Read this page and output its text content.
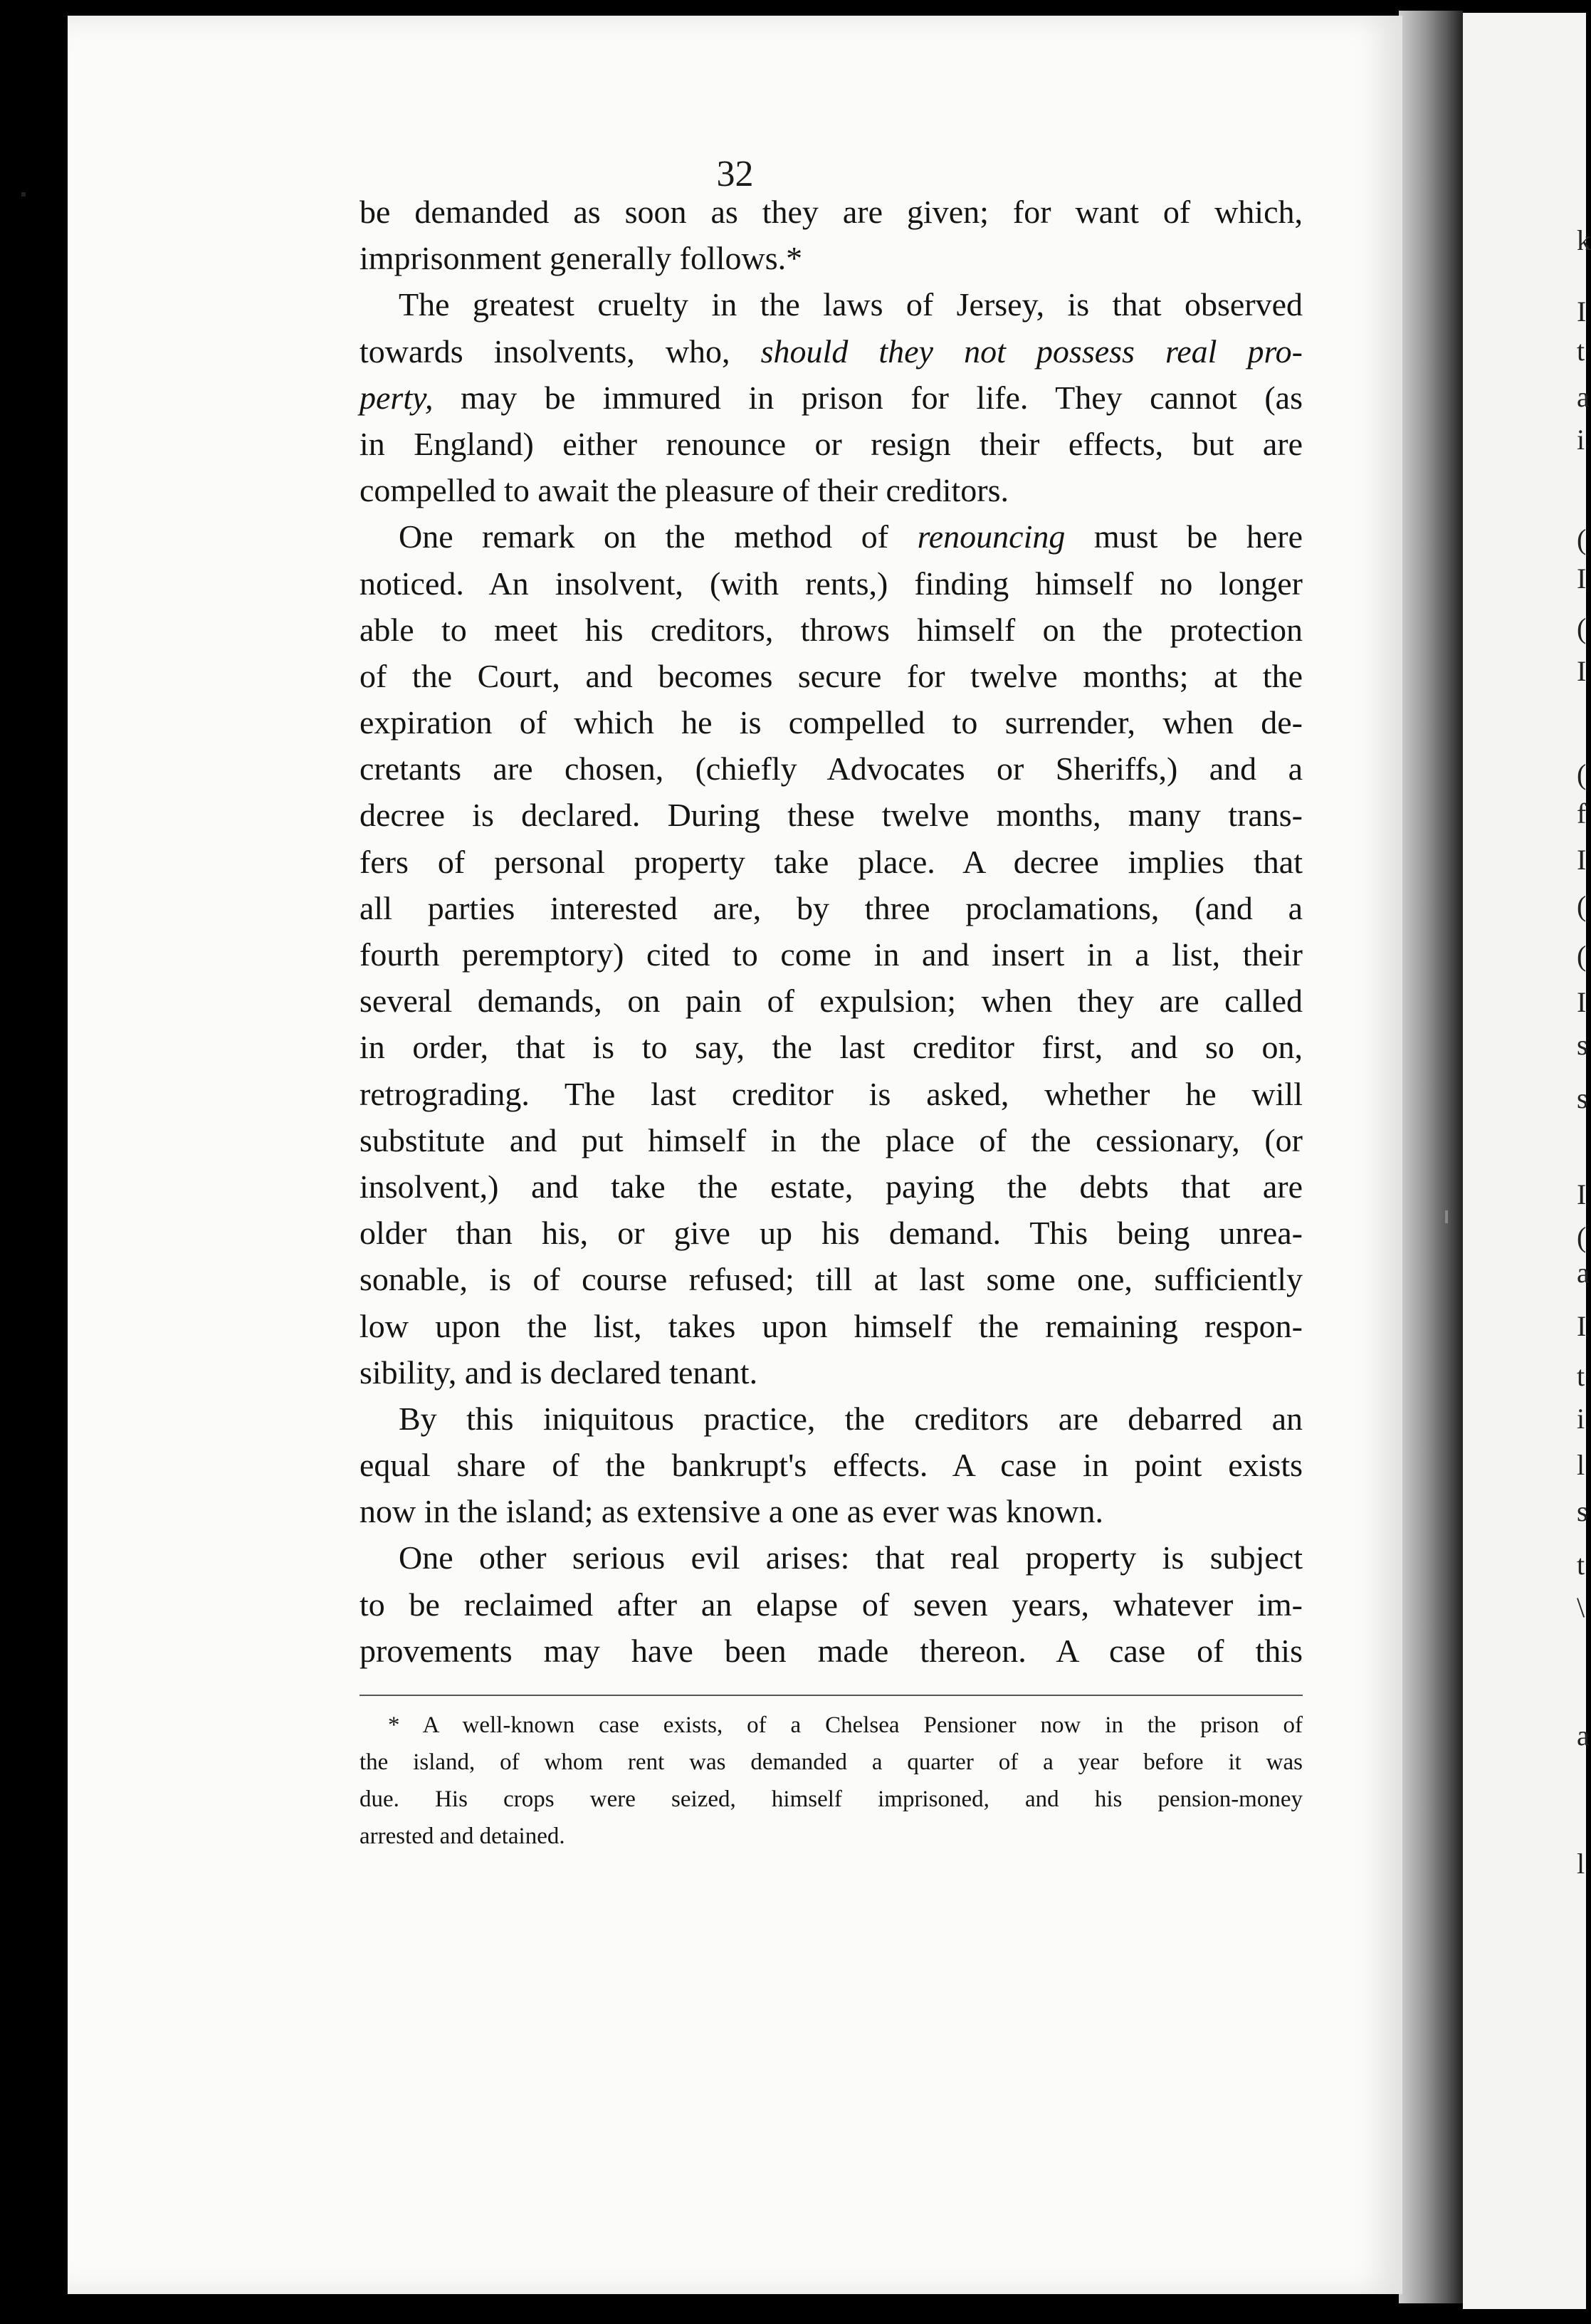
k
I
t
a
i
(
I
(
I
(
f
I
(
(
I
s
s
I
(
a
I
t
i
l
s
t
\
a
l
32
be demanded as soon as they are given; for want of which,
imprisonment generally follows.*
The greatest cruelty in the laws of Jersey, is that observed
towards insolvents, who, should they not possess real pro-
perty, may be immured in prison for life. They cannot (as
in England) either renounce or resign their effects, but are
compelled to await the pleasure of their creditors.
One remark on the method of renouncing must be here
noticed. An insolvent, (with rents,) finding himself no longer
able to meet his creditors, throws himself on the protection
of the Court, and becomes secure for twelve months; at the
expiration of which he is compelled to surrender, when de-
cretants are chosen, (chiefly Advocates or Sheriffs,) and a
decree is declared. During these twelve months, many trans-
fers of personal property take place. A decree implies that
all parties interested are, by three proclamations, (and a
fourth peremptory) cited to come in and insert in a list, their
several demands, on pain of expulsion; when they are called
in order, that is to say, the last creditor first, and so on,
retrograding. The last creditor is asked, whether he will
substitute and put himself in the place of the cessionary, (or
insolvent,) and take the estate, paying the debts that are
older than his, or give up his demand. This being unrea-
sonable, is of course refused; till at last some one, sufficiently
low upon the list, takes upon himself the remaining respon-
sibility, and is declared tenant.
By this iniquitous practice, the creditors are debarred an
equal share of the bankrupt's effects. A case in point exists
now in the island; as extensive a one as ever was known.
One other serious evil arises: that real property is subject
to be reclaimed after an elapse of seven years, whatever im-
provements may have been made thereon. A case of this
* A well-known case exists, of a Chelsea Pensioner now in the prison of
the island, of whom rent was demanded a quarter of a year before it was
due. His crops were seized, himself imprisoned, and his pension-money
arrested and detained.
